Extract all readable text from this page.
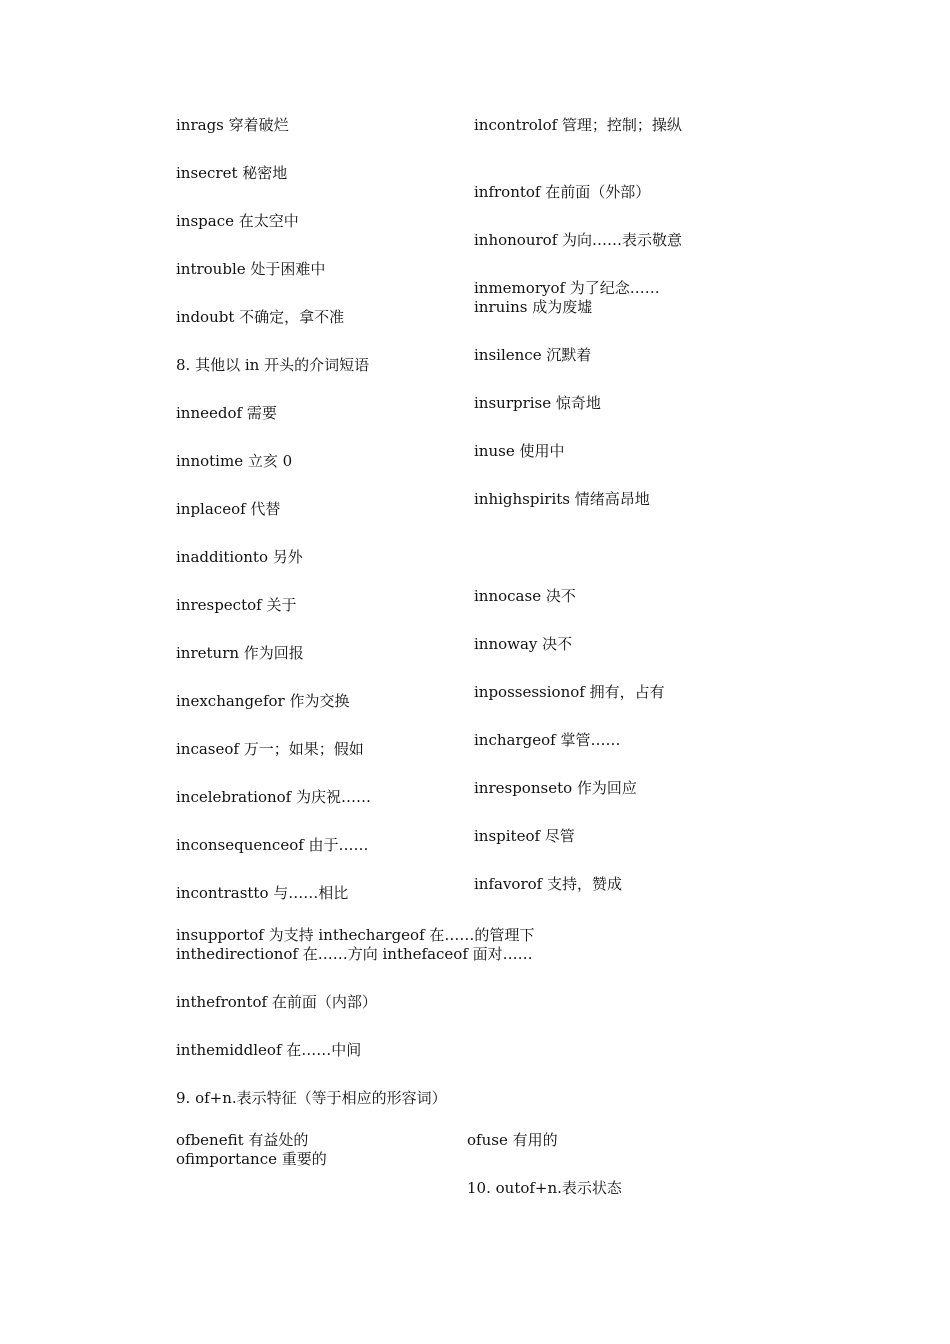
inrags 穿着破烂
insecret 秘密地
inspace 在太空中
introuble 处于困难中
indoubt 不确定，拿不准
8. 其他以 in 开头的介词短语
inneedof 需要
innotime 立亥 0
inplaceof 代替
inadditionto 另外
inrespectof 关于
inreturn 作为回报
inexchangefor 作为交换
incaseof 万一；如果；假如
incelebrationof 为庆祝……
inconsequenceof 由于……
incontrastto 与……相比
incontrolof 管理；控制；操纵
infrontof 在前面（外部）
inhonourof 为向……表示敬意
inmemoryof 为了纪念……
inruins 成为废墟
insilence 沉默着
insurprise 惊奇地
inuse 使用中
inhighspirits 情绪高昂地
innocase 决不
innoway 决不
inpossessionof 拥有，占有
inchargeof 掌管……
inresponseto 作为回应
inspiteof 尽管
infavorof 支持，赞成
insupportof 为支持 inthechargeof 在……的管理下
inthedirectionof 在……方向 inthefaceof 面对……
inthefrontof 在前面（内部）
inthemiddleof 在……中间
9. of+n.表示特征（等于相应的形容词）
ofbenefit 有益处的
ofimportance 重要的
ofuse 有用的
10. outof+n.表示状态
